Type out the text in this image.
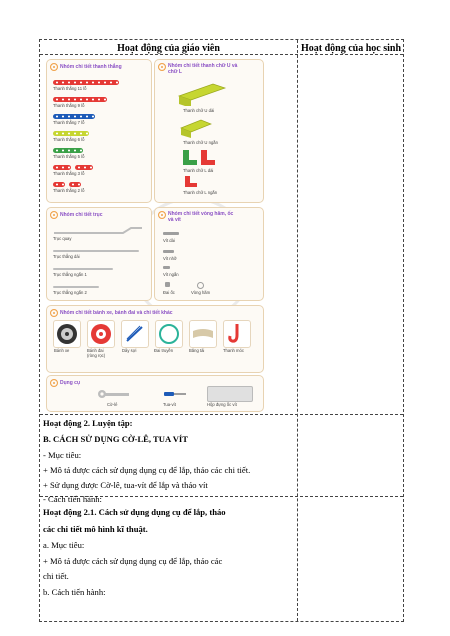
Hoạt động của giáo viên	Hoạt động của học sinh
Nhóm chi tiết thanh thẳng
Thanh thẳng 11 lỗ
Thanh thẳng 9 lỗ
Thanh thẳng 7 lỗ
Thanh thẳng 6 lỗ
Thanh thẳng 5 lỗ
Thanh thẳng 3 lỗ
Thanh thẳng 2 lỗ
Nhóm chi tiết thanh chữ U và chữ L
Thanh chữ U dài
Thanh chữ U ngắn
Thanh chữ L dài
Thanh chữ L ngắn
Nhóm chi tiết trục
Trục quay
Trục thẳng dài
Trục thẳng ngắn 1
Trục thẳng ngắn 2
Nhóm chi tiết vòng hãm, ốc và vít
Vít dài
Vít nhỡ
Vít ngắn
Đai ốc	Vòng hãm
Nhóm chi tiết bánh xe, bánh đai và chi tiết khác
Bánh xe	Bánh đai
(ròng rọc)
Dây sợi	Đai truyền	Băng tải	Thanh móc
Dụng cụ
Cờ-lê	Tua-vít	Hộp đựng ốc vít
Hoạt động 2. Luyện tập:
B. CÁCH SỬ DỤNG CỜ-LÊ, TUA VÍT
- Mục tiêu:
+ Mô tả được cách sử dụng dụng cụ để lắp, tháo các chi tiết.
+ Sử dụng được Cờ-lê, tua-vít để lắp và tháo vít
- Cách tiến hành:
Hoạt động 2.1. Cách sử dụng dụng cụ để lắp, tháo
các chi tiết mô hình kĩ thuật.
a. Mục tiêu:
+ Mô tả được cách sử dụng dụng cụ để lắp, tháo các
chi tiết.
b. Cách tiến hành:
